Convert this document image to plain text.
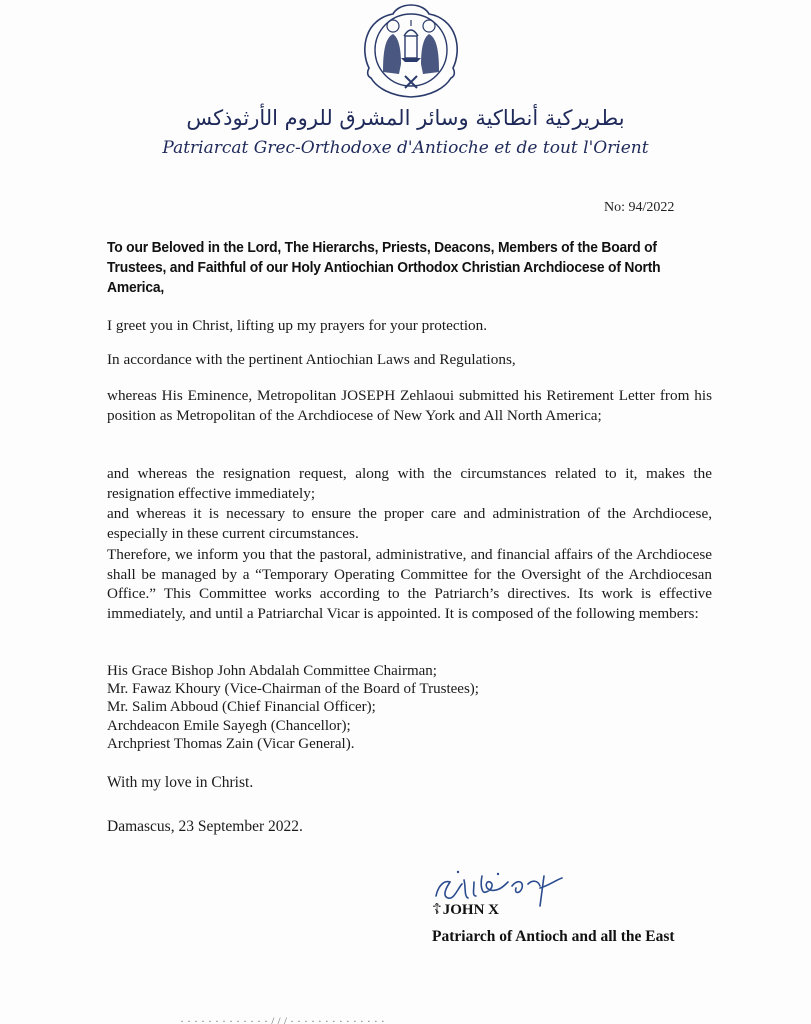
بطريركية أنطاكية وسائر المشرق للروم الأرثوذكس
Patriarcat Grec-Orthodoxe d'Antioche et de tout l'Orient
No: 94/2022
To our Beloved in the Lord, The Hierarchs, Priests, Deacons, Members of the Board of Trustees, and Faithful of our Holy Antiochian Orthodox Christian Archdiocese of North America,
I greet you in Christ, lifting up my prayers for your protection.
In accordance with the pertinent Antiochian Laws and Regulations,
whereas His Eminence, Metropolitan JOSEPH Zehlaoui submitted his Retirement Letter from his position as Metropolitan of the Archdiocese of New York and All North America;
and whereas the resignation request, along with the circumstances related to it, makes the resignation effective immediately;
and whereas it is necessary to ensure the proper care and administration of the Archdiocese, especially in these current circumstances.
Therefore, we inform you that the pastoral, administrative, and financial affairs of the Archdiocese shall be managed by a “Temporary Operating Committee for the Oversight of the Archdiocesan Office.” This Committee works according to the Patriarch’s directives. Its work is effective immediately, and until a Patriarchal Vicar is appointed. It is composed of the following members:
His Grace Bishop John Abdalah Committee Chairman;
Mr. Fawaz Khoury (Vice-Chairman of the Board of Trustees);
Mr. Salim Abboud (Chief Financial Officer);
Archdeacon Emile Sayegh (Chancellor);
Archpriest Thomas Zain (Vicar General).
With my love in Christ.
Damascus, 23 September 2022.
☦JOHN X
Patriarch of Antioch and all the East
· · · · · · · · · · · · · / / / · · · · · · · · · · · · · ·
